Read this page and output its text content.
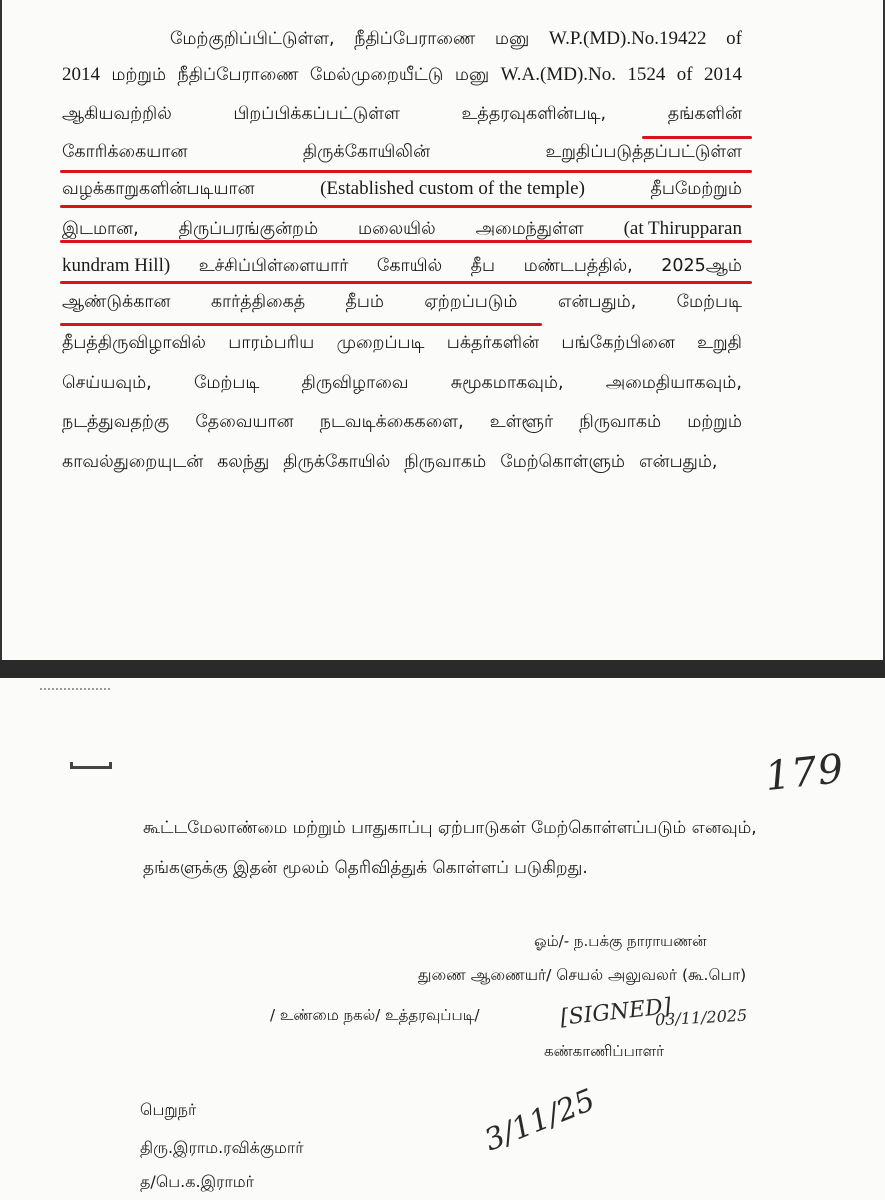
மேற்குறிப்பிட்டுள்ள, நீதிப்பேராணை மனு W.P.(MD).No.19422 of
2014 மற்றும் நீதிப்பேராணை மேல்முறையீட்டு மனு W.A.(MD).No. 1524 of 2014
ஆகியவற்றில்	பிறப்பிக்கப்பட்டுள்ள	உத்தரவுகளின்படி,	தங்களின்
கோரிக்கையான	திருக்கோயிலின்	உறுதிப்படுத்தப்பட்டுள்ள
வழக்காறுகளின்படியான	(Established custom of the temple)	தீபமேற்றும்
இடமான, திருப்பரங்குன்றம் மலையில் அமைந்துள்ள (at Thirupparan
kundram Hill) உச்சிப்பிள்ளையார் கோயில் தீப மண்டபத்தில், 2025ஆம்
ஆண்டுக்கான கார்த்திகைத் தீபம் ஏற்றப்படும் என்பதும், மேற்படி
தீபத்திருவிழாவில் பாரம்பரிய முறைப்படி பக்தர்களின் பங்கேற்பினை உறுதி
செய்யவும், மேற்படி திருவிழாவை சுமூகமாகவும், அமைதியாகவும்,
நடத்துவதற்கு தேவையான நடவடிக்கைகளை, உள்ளூர் நிருவாகம் மற்றும்
காவல்துறையுடன் கலந்து திருக்கோயில் நிருவாகம் மேற்கொள்ளும் என்பதும்,
179
கூட்டமேலாண்மை மற்றும் பாதுகாப்பு ஏற்பாடுகள் மேற்கொள்ளப்படும் எனவும்,
தங்களுக்கு இதன் மூலம் தெரிவித்துக் கொள்ளப் படுகிறது.
ஓம்/- ந.பக்கு நாராயணன்
துணை ஆணையர்/ செயல் அலுவலர் (கூ.பொ)
/ உண்மை நகல்/ உத்தரவுப்படி/	[SIGNED]
03/11/2025
கண்காணிப்பாளர்
3/11/25
பெறுநர்
திரு.இராம.ரவிக்குமார்
த/பெ.க.இராமர்
